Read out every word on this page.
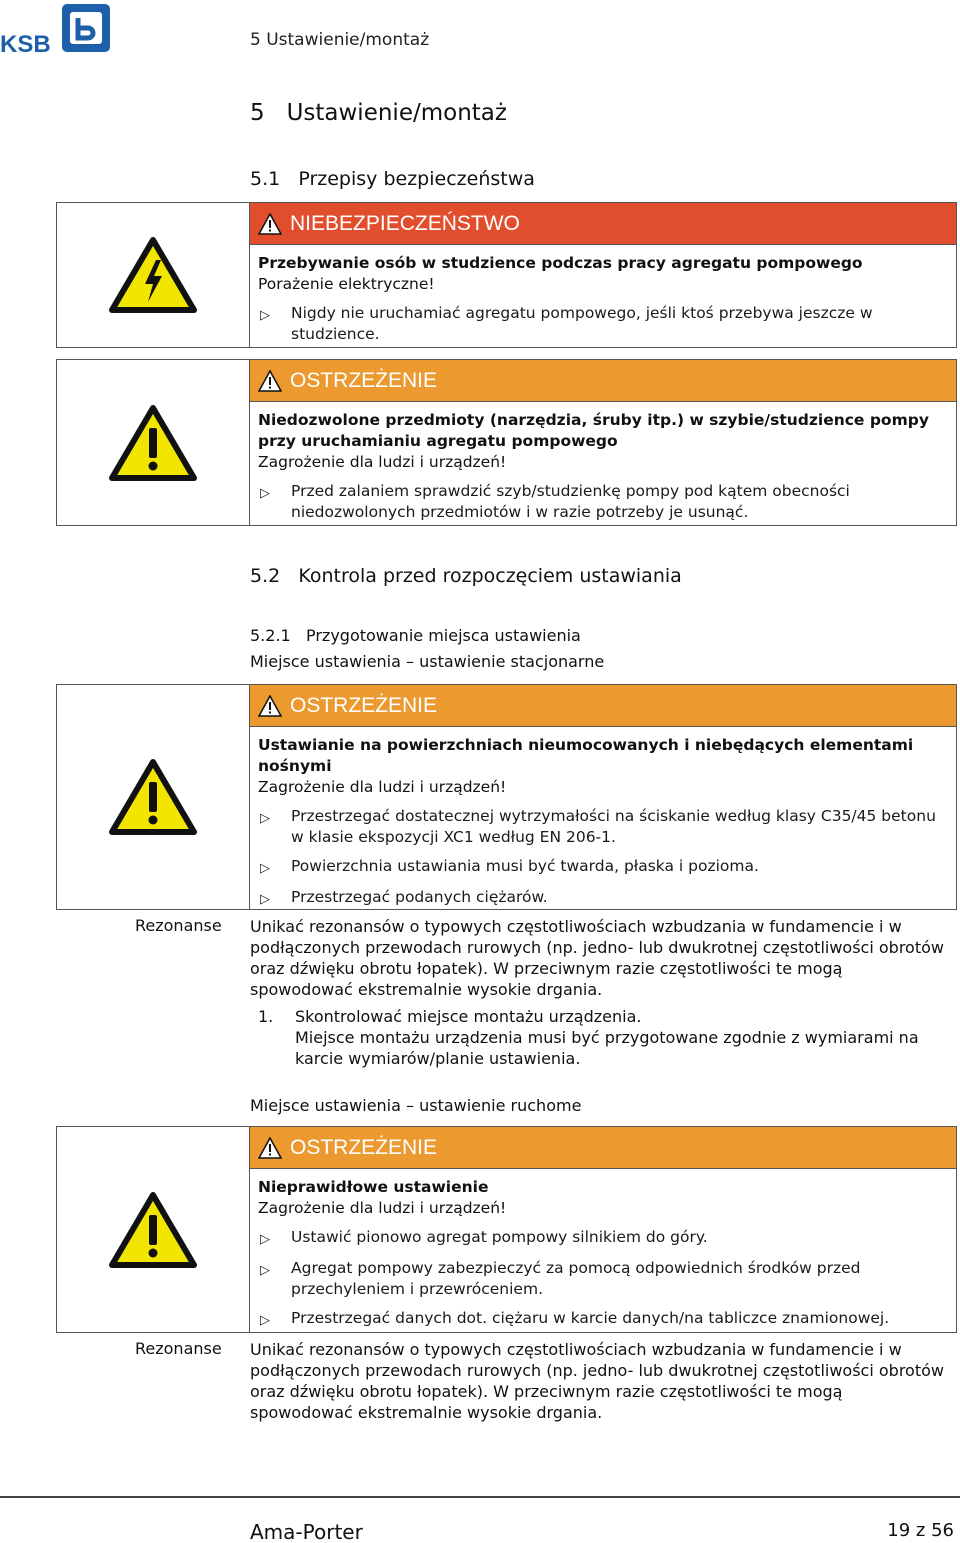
KSB	5 Ustawienie/montaż
5   Ustawienie/montaż
5.1   Przepisy bezpieczeństwa
NIEBEZPIECZEŃSTWO
Przebywanie osób w studzience podczas pracy agregatu pompowego
Porażenie elektryczne!
▷	Nigdy nie uruchamiać agregatu pompowego, jeśli ktoś przebywa jeszcze w studzience.
OSTRZEŻENIE
Niedozwolone przedmioty (narzędzia, śruby itp.) w szybie/studzience pompy przy uruchamianiu agregatu pompowego
Zagrożenie dla ludzi i urządzeń!
▷	Przed zalaniem sprawdzić szyb/studzienkę pompy pod kątem obecności niedozwolonych przedmiotów i w razie potrzeby je usunąć.
5.2   Kontrola przed rozpoczęciem ustawiania
5.2.1   Przygotowanie miejsca ustawienia
Miejsce ustawienia – ustawienie stacjonarne
OSTRZEŻENIE
Ustawianie na powierzchniach nieumocowanych i niebędących elementami nośnymi
Zagrożenie dla ludzi i urządzeń!
▷	Przestrzegać dostatecznej wytrzymałości na ściskanie według klasy C35/45 betonu w klasie ekspozycji XC1 według EN 206-1.
▷	Powierzchnia ustawiania musi być twarda, płaska i pozioma.
▷	Przestrzegać podanych ciężarów.
Rezonanse Unikać rezonansów o typowych częstotliwościach wzbudzania w fundamencie i w podłączonych przewodach rurowych (np. jedno- lub dwukrotnej częstotliwości obrotów oraz dźwięku obrotu łopatek). W przeciwnym razie częstotliwości te mogą spowodować ekstremalnie wysokie drgania.
1.	Skontrolować miejsce montażu urządzenia.
Miejsce montażu urządzenia musi być przygotowane zgodnie z wymiarami na karcie wymiarów/planie ustawienia.
Miejsce ustawienia – ustawienie ruchome
OSTRZEŻENIE
Nieprawidłowe ustawienie
Zagrożenie dla ludzi i urządzeń!
▷	Ustawić pionowo agregat pompowy silnikiem do góry.
▷	Agregat pompowy zabezpieczyć za pomocą odpowiednich środków przed przechyleniem i przewróceniem.
▷	Przestrzegać danych dot. ciężaru w karcie danych/na tabliczce znamionowej.
Rezonanse Unikać rezonansów o typowych częstotliwościach wzbudzania w fundamencie i w podłączonych przewodach rurowych (np. jedno- lub dwukrotnej częstotliwości obrotów oraz dźwięku obrotu łopatek). W przeciwnym razie częstotliwości te mogą spowodować ekstremalnie wysokie drgania.
Ama-Porter	19 z 56
